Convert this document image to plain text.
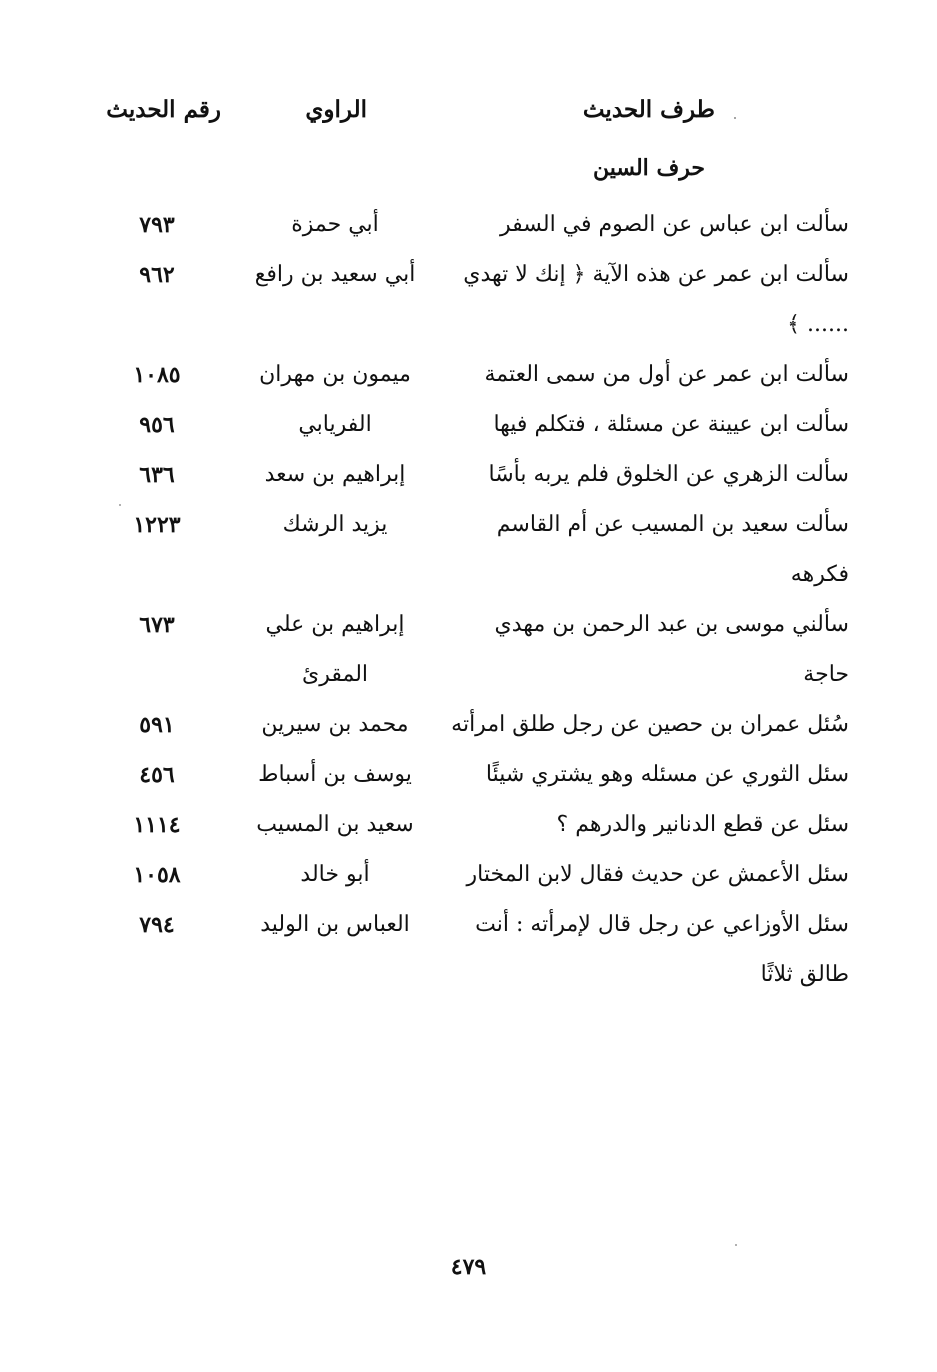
طرف الحديث
الراوي
رقم الحديث
حرف السين
سألت ابن عباس عن الصوم في السفر
أبي حمزة
٧٩٣
سألت ابن عمر عن هذه الآية ﴿ إنك لا تهدي ...... ﴾
أبي سعيد بن رافع
٩٦٢
سألت ابن عمر عن أول من سمى العتمة
ميمون بن مهران
١٠٨٥
سألت ابن عيينة عن مسئلة ، فتكلم فيها
الفريابي
٩٥٦
سألت الزهري عن الخلوق فلم يربه بأسًا
إبراهيم بن سعد
٦٣٦
سألت سعيد بن المسيب عن أم القاسم فكرهه
يزيد الرشك
١٢٢٣
سألني موسى بن عبد الرحمن بن مهدي حاجة
إبراهيم بن علي المقرئ
٦٧٣
سُئل عمران بن حصين عن رجل طلق امرأته
محمد بن سيرين
٥٩١
سئل الثوري عن مسئله وهو يشتري شيئًا
يوسف بن أسباط
٤٥٦
سئل عن قطع الدنانير والدرهم ؟
سعيد بن المسيب
١١١٤
سئل الأعمش عن حديث فقال لابن المختار
أبو خالد
١٠٥٨
سئل الأوزاعي عن رجل قال لإمرأته : أنت طالق ثلاثًا
العباس بن الوليد
٧٩٤
٤٧٩
